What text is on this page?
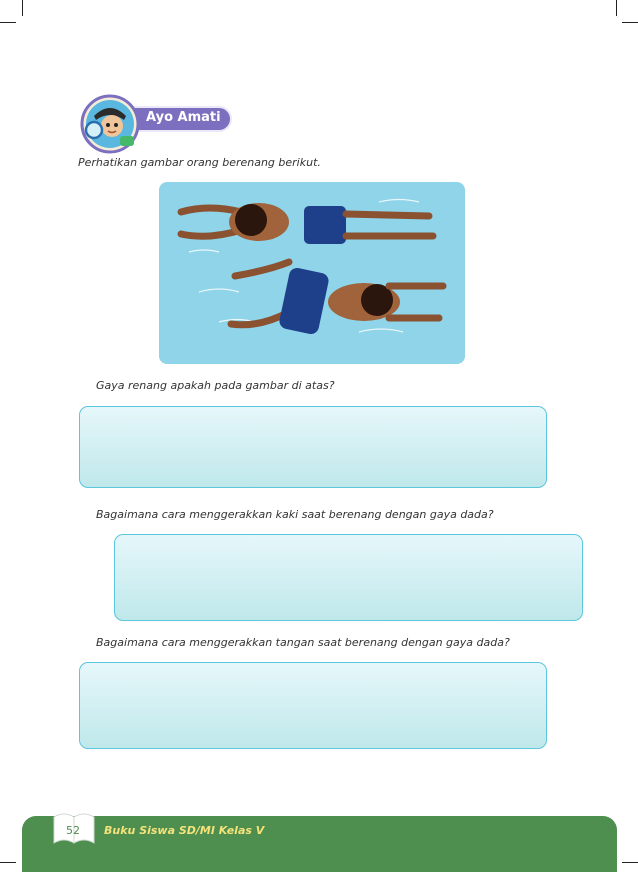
Ayo Amati
Perhatikan gambar orang berenang berikut.
Gaya renang apakah pada gambar di atas?
Bagaimana cara menggerakkan kaki saat berenang dengan gaya dada?
Bagaimana cara menggerakkan tangan saat berenang dengan gaya dada?
52 Buku Siswa SD/MI Kelas V
